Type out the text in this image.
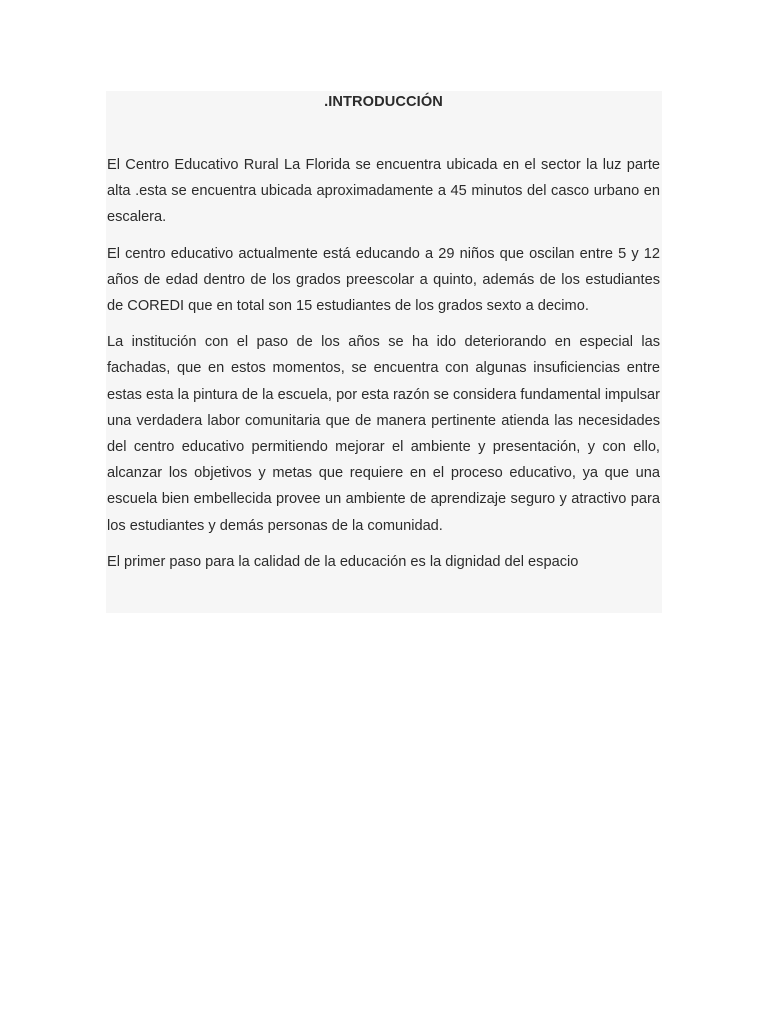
.INTRODUCCIÓN

El Centro Educativo Rural La Florida se encuentra ubicada en el sector la luz parte alta .esta se encuentra ubicada aproximadamente a 45 minutos del casco urbano en escalera.

El centro educativo actualmente está educando a 29 niños que oscilan entre 5 y 12 años de edad dentro de los grados preescolar a quinto, además de los estudiantes de COREDI que en total son 15 estudiantes de los grados sexto a decimo.

La institución con el paso de los años se ha ido deteriorando en especial las fachadas, que en estos momentos, se encuentra con algunas insuficiencias entre estas esta la pintura de la escuela, por esta razón se considera fundamental impulsar una verdadera labor comunitaria que de manera pertinente atienda las necesidades del centro educativo permitiendo mejorar el ambiente y presentación, y con ello, alcanzar los objetivos y metas que requiere en el proceso educativo, ya que una escuela bien embellecida provee un ambiente de aprendizaje seguro y atractivo para los estudiantes y demás personas de la comunidad.

El primer paso para la calidad de la educación es la dignidad del espacio
